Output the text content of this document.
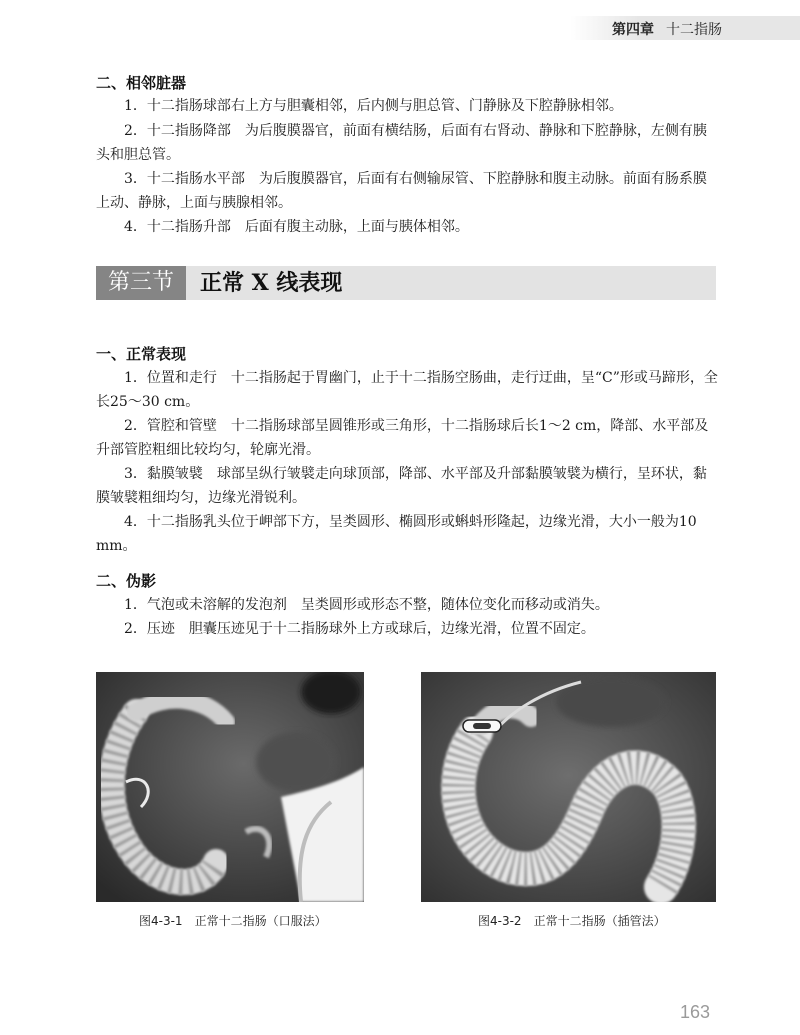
第四章 十二指肠
二、相邻脏器
1．十二指肠球部右上方与胆囊相邻，后内侧与胆总管、门静脉及下腔静脉相邻。
2．十二指肠降部　为后腹膜器官，前面有横结肠，后面有右肾动、静脉和下腔静脉，左侧有胰头和胆总管。
3．十二指肠水平部　为后腹膜器官，后面有右侧输尿管、下腔静脉和腹主动脉。前面有肠系膜上动、静脉，上面与胰腺相邻。
4．十二指肠升部　后面有腹主动脉，上面与胰体相邻。
第三节	正常 X 线表现
一、正常表现
1．位置和走行　十二指肠起于胃幽门，止于十二指肠空肠曲，走行迂曲，呈“C”形或马蹄形，全长25～30 cm。
2．管腔和管壁　十二指肠球部呈圆锥形或三角形，十二指肠球后长1～2 cm，降部、水平部及升部管腔粗细比较均匀，轮廓光滑。
3．黏膜皱襞　球部呈纵行皱襞走向球顶部，降部、水平部及升部黏膜皱襞为横行，呈环状，黏膜皱襞粗细均匀，边缘光滑锐利。
4．十二指肠乳头位于岬部下方，呈类圆形、椭圆形或蝌蚪形隆起，边缘光滑，大小一般为10 mm。
二、伪影
1．气泡或未溶解的发泡剂　呈类圆形或形态不整，随体位变化而移动或消失。
2．压迹　胆囊压迹见于十二指肠球外上方或球后，边缘光滑，位置不固定。
图4-3-1　正常十二指肠（口服法）	图4-3-2　正常十二指肠（插管法）
163
